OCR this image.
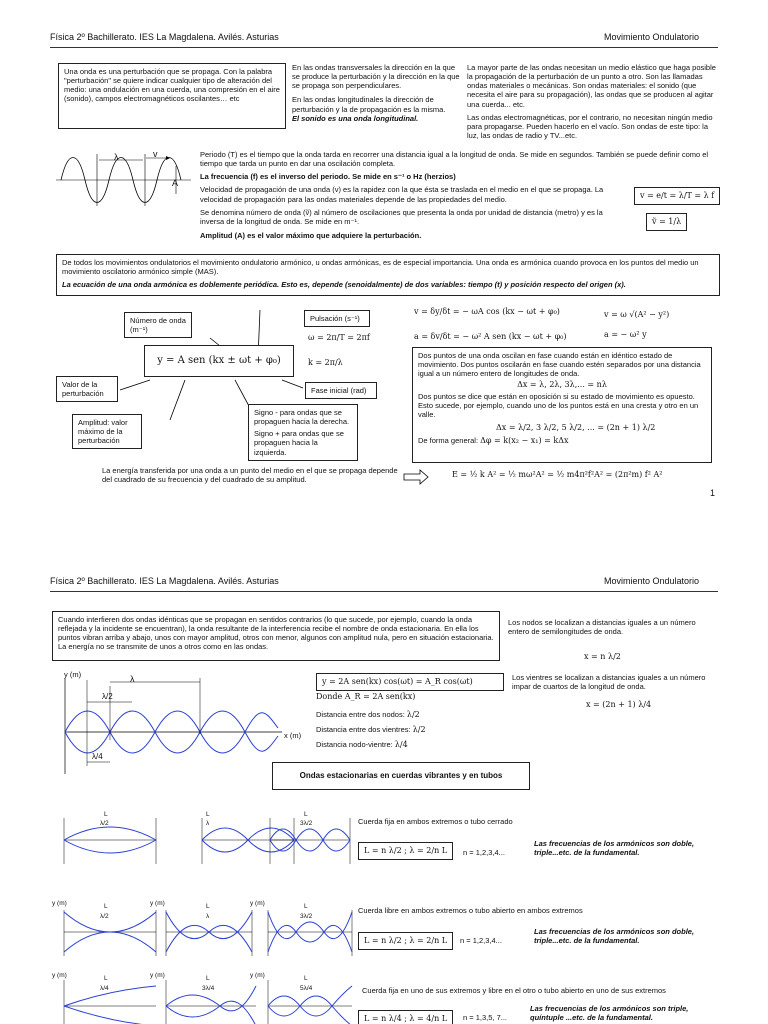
Física 2º Bachillerato. IES La Magdalena. Avilés. Asturias	Movimiento Ondulatorio
Una onda es una perturbación que se propaga. Con la palabra "perturbación" se quiere indicar cualquier tipo de alteración del medio: una ondulación en una cuerda, una compresión en el aire (sonido), campos electromagnéticos oscilantes… etc
En las ondas transversales la dirección en la que se produce la perturbación y la dirección en la que se propaga son perpendiculares.
En las ondas longitudinales la dirección de perturbación y la de propagación es la misma.
El sonido es una onda longitudinal.
La mayor parte de las ondas necesitan un medio elástico que haga posible la propagación de la perturbación de un punto a otro. Son las llamadas ondas materiales o mecánicas. Son ondas materiales: el sonido (que necesita el aire para su propagación), las ondas que se producen al agitar una cuerda... etc.
Las ondas electromagnéticas, por el contrario, no necesitan ningún medio para propagarse. Pueden hacerlo en el vacío. Son ondas de este tipo: la luz, las ondas de radio y TV...etc.
λ	v
A
Periodo (T) es el tiempo que la onda tarda en recorrer una distancia igual a la longitud de onda. Se mide en segundos. También se puede definir como el tiempo que tarda un punto en dar una oscilación completa.
La frecuencia (f) es el inverso del periodo. Se mide en s⁻¹ o Hz (herzios)
Velocidad de propagación de una onda (v) es la rapidez con la que ésta se traslada en el medio en el que se propaga. La velocidad de propagación para las ondas materiales depende de las propiedades del medio.
Se denomina número de onda (ṽ) al número de oscilaciones que presenta la onda por unidad de distancia (metro) y es la inversa de la longitud de onda. Se mide en m⁻¹.
Amplitud (A) es el valor máximo que adquiere la perturbación.
v = e/t = λ/T = λ f
ṽ = 1/λ
De todos los movimientos ondulatorios el movimiento ondulatorio armónico, u ondas armónicas, es de especial importancia. Una onda es armónica cuando provoca en los puntos del medio un movimiento oscilatorio armónico simple (MAS).
La ecuación de una onda armónica es doblemente periódica. Esto es, depende (senoidalmente) de dos variables: tiempo (t) y posición respecto del origen (x).
Número de onda (m⁻¹)
Pulsación (s⁻¹)
ω = 2π/T = 2πf
k = 2π/λ
y = A sen (kx ± ωt + φ₀)
Fase inicial (rad)
Valor de la perturbación
Amplitud: valor máximo de la perturbación
Signo - para ondas que se propaguen hacia la derecha.
Signo + para ondas que se propaguen hacia la izquierda.
v = δy/δt = − ωA cos (kx − ωt + φ₀)
a = δv/δt = − ω² A sen (kx − ωt + φ₀)
v = ω √(A² − y²)
a = − ω² y
Dos puntos de una onda oscilan en fase cuando están en idéntico estado de movimiento. Dos puntos oscilarán en fase cuando estén separados por una distancia igual a un número entero de longitudes de onda.
Δx = λ, 2λ, 3λ,... = nλ
Dos puntos se dice que están en oposición si su estado de movimiento es opuesto. Esto sucede, por ejemplo, cuando uno de los puntos está en una cresta y otro en un valle.
Δx = λ/2, 3 λ/2, 5 λ/2, ... = (2n + 1) λ/2
De forma general: Δφ = k(x₂ − x₁) = kΔx
La energía transferida por una onda a un punto del medio en el que se propaga depende del cuadrado de su frecuencia y del cuadrado de su amplitud.
E = ½ k A² = ½ mω²A² = ½ m4π²f²A² = (2π²m) f² A²
1
Física 2º Bachillerato. IES La Magdalena. Avilés. Asturias	Movimiento Ondulatorio
Cuando interfieren dos ondas idénticas que se propagan en sentidos contrarios (lo que sucede, por ejemplo, cuando la onda reflejada y la incidente se encuentran), la onda resultante de la interferencia recibe el nombre de onda estacionaria. En ella los puntos vibran arriba y abajo, unos con mayor amplitud, otros con menor, algunos con amplitud nula, pero en situación estacionaria. La energía no se transmite de unos a otros como en las ondas.
Los nodos se localizan a distancias iguales a un número entero de semilongitudes de onda.
x = n λ/2
Los vientres se localizan a distancias iguales a un número impar de cuartos de la longitud de onda.
x = (2n + 1) λ/4
y (m)
x (m)
λ
λ/2
λ/4
y = 2A sen(kx) cos(ωt) = A_R cos(ωt)
Donde A_R = 2A sen(kx)
Distancia entre dos nodos: λ/2
Distancia entre dos vientres: λ/2
Distancia nodo-vientre: λ/4
Ondas estacionarias en cuerdas vibrantes y en tubos
L
λ/2
L
λ
L
3λ/2	Cuerda fija en ambos extremos o tubo cerrado
L = n λ/2 ; λ = 2/n L	n = 1,2,3,4...
Las frecuencias de los armónicos son doble, triple...etc. de la fundamental.
y (m)	L
λ/2
y (m)	L
λ
y (m)	L
3λ/2
Cuerda libre en ambos extremos o tubo abierto en ambos extremos
L = n λ/2 ; λ = 2/n L	n = 1,2,3,4...
Las frecuencias de los armónicos son doble, triple...etc. de la fundamental.
y (m)	L
λ/4
y (m)	L
3λ/4
y (m)	L
5λ/4	Cuerda fija en uno de sus extremos y libre en el otro o tubo abierto en uno de sus extremos
L = n λ/4 ; λ = 4/n L	n = 1,3,5, 7...
Las frecuencias de los armónicos son triple, quíntuple ...etc. de la fundamental.
